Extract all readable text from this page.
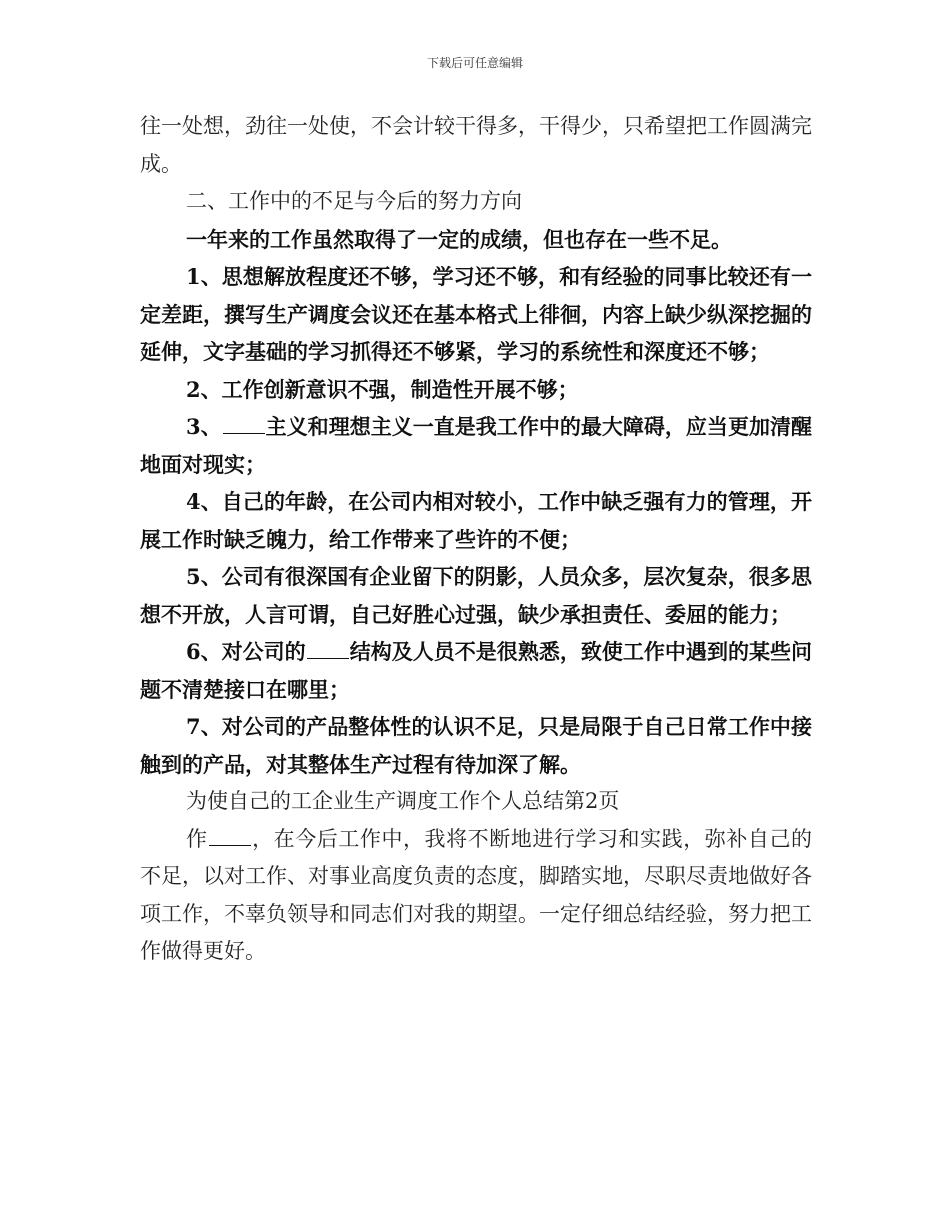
下载后可任意编辑

往一处想，劲往一处使，不会计较干得多，干得少，只希望把工作圆满完成。

二、工作中的不足与今后的努力方向

一年来的工作虽然取得了一定的成绩，但也存在一些不足。

1、思想解放程度还不够，学习还不够，和有经验的同事比较还有一定差距，撰写生产调度会议还在基本格式上徘徊，内容上缺少纵深挖掘的延伸，文字基础的学习抓得还不够紧，学习的系统性和深度还不够；

2、工作创新意识不强，制造性开展不够；

3、 主义和理想主义一直是我工作中的最大障碍，应当更加清醒地面对现实；

4、自己的年龄，在公司内相对较小，工作中缺乏强有力的管理，开展工作时缺乏魄力，给工作带来了些许的不便；

5、公司有很深国有企业留下的阴影，人员众多，层次复杂，很多思想不开放，人言可谓，自己好胜心过强，缺少承担责任、委屈的能力；

6、对公司的 结构及人员不是很熟悉，致使工作中遇到的某些问题不清楚接口在哪里；

7、对公司的产品整体性的认识不足，只是局限于自己日常工作中接触到的产品，对其整体生产过程有待加深了解。

为使自己的工企业生产调度工作个人总结第2页

作 ，在今后工作中，我将不断地进行学习和实践，弥补自己的不足，以对工作、对事业高度负责的态度，脚踏实地，尽职尽责地做好各项工作，不辜负领导和同志们对我的期望。一定仔细总结经验，努力把工作做得更好。
